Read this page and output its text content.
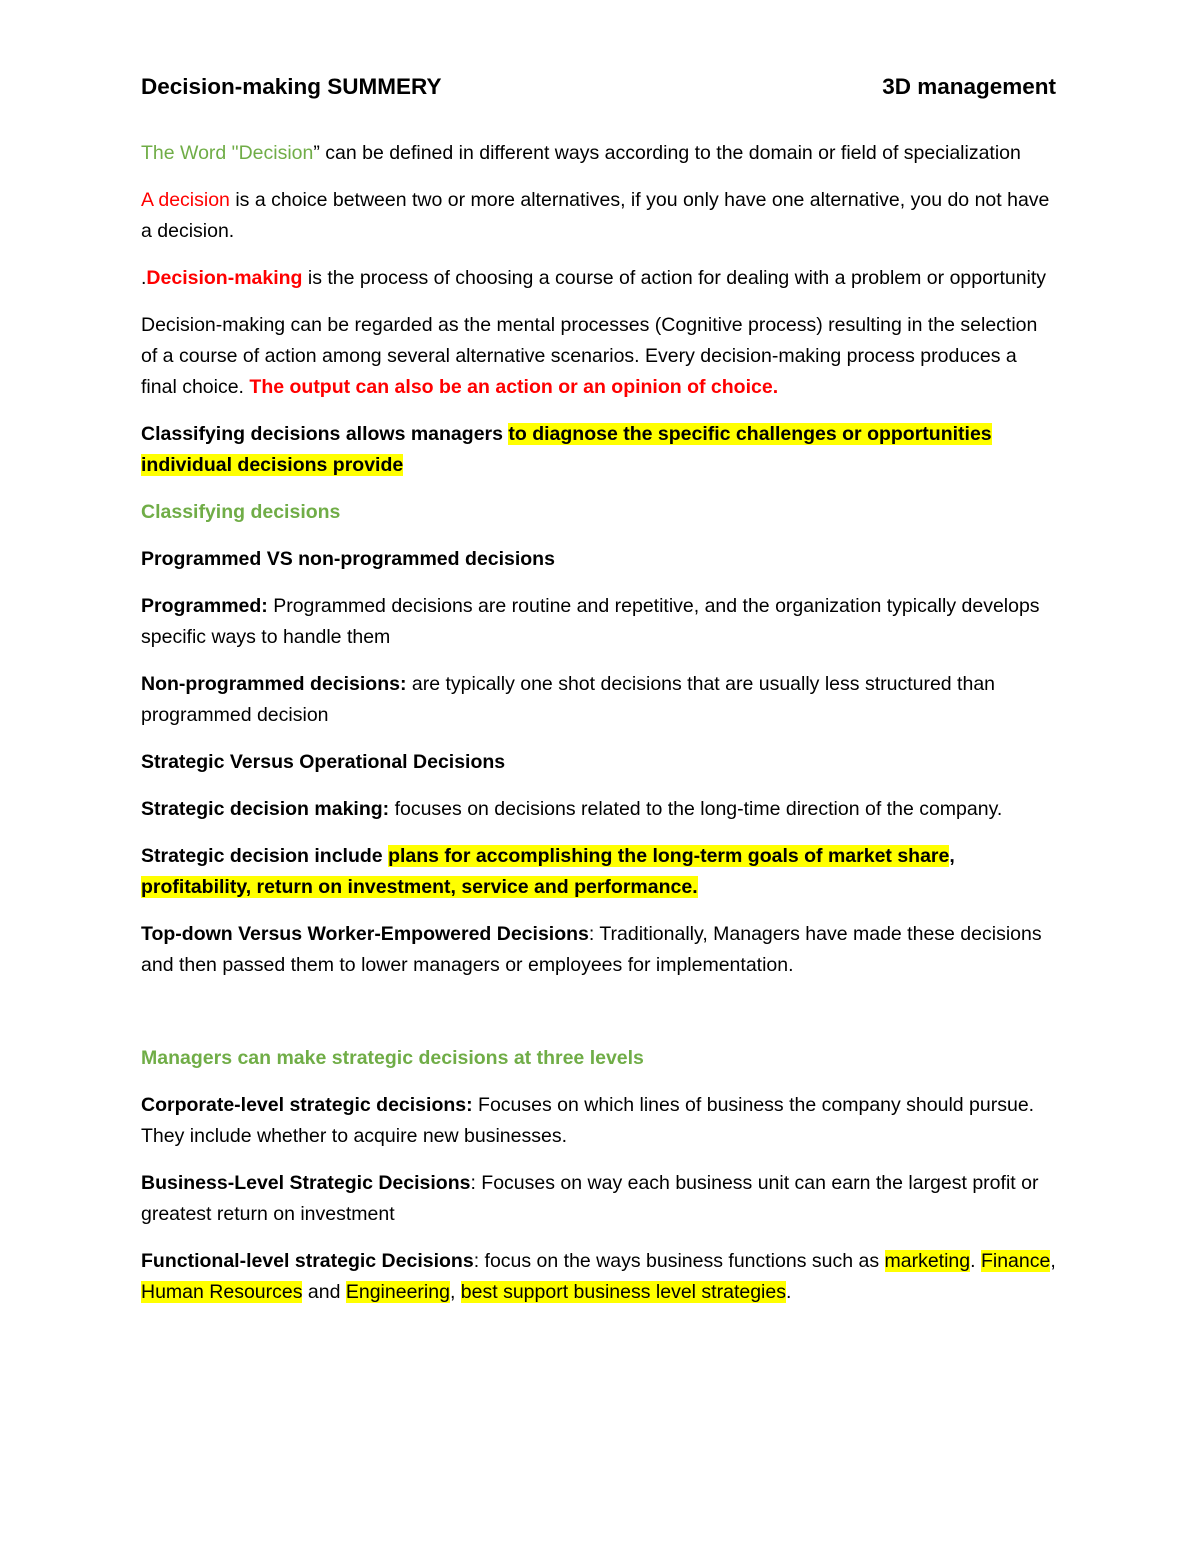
Decision-making SUMMERY	3D management

The Word "Decision” can be defined in different ways according to the domain or field of specialization

A decision is a choice between two or more alternatives, if you only have one alternative, you do not have a decision.

.Decision-making is the process of choosing a course of action for dealing with a problem or opportunity

Decision-making can be regarded as the mental processes (Cognitive process) resulting in the selection of a course of action among several alternative scenarios. Every decision-making process produces a final choice. The output can also be an action or an opinion of choice.

Classifying decisions allows managers to diagnose the specific challenges or opportunities individual decisions provide

Classifying decisions

Programmed VS non-programmed decisions

Programmed: Programmed decisions are routine and repetitive, and the organization typically develops specific ways to handle them

Non-programmed decisions: are typically one shot decisions that are usually less structured than programmed decision

Strategic Versus Operational Decisions

Strategic decision making: focuses on decisions related to the long-time direction of the company.

Strategic decision include plans for accomplishing the long-term goals of market share, profitability, return on investment, service and performance.

Top-down Versus Worker-Empowered Decisions: Traditionally, Managers have made these decisions and then passed them to lower managers or employees for implementation.

Managers can make strategic decisions at three levels

Corporate-level strategic decisions: Focuses on which lines of business the company should pursue. They include whether to acquire new businesses.

Business-Level Strategic Decisions: Focuses on way each business unit can earn the largest profit or greatest return on investment

Functional-level strategic Decisions: focus on the ways business functions such as marketing. Finance, Human Resources and Engineering, best support business level strategies.
